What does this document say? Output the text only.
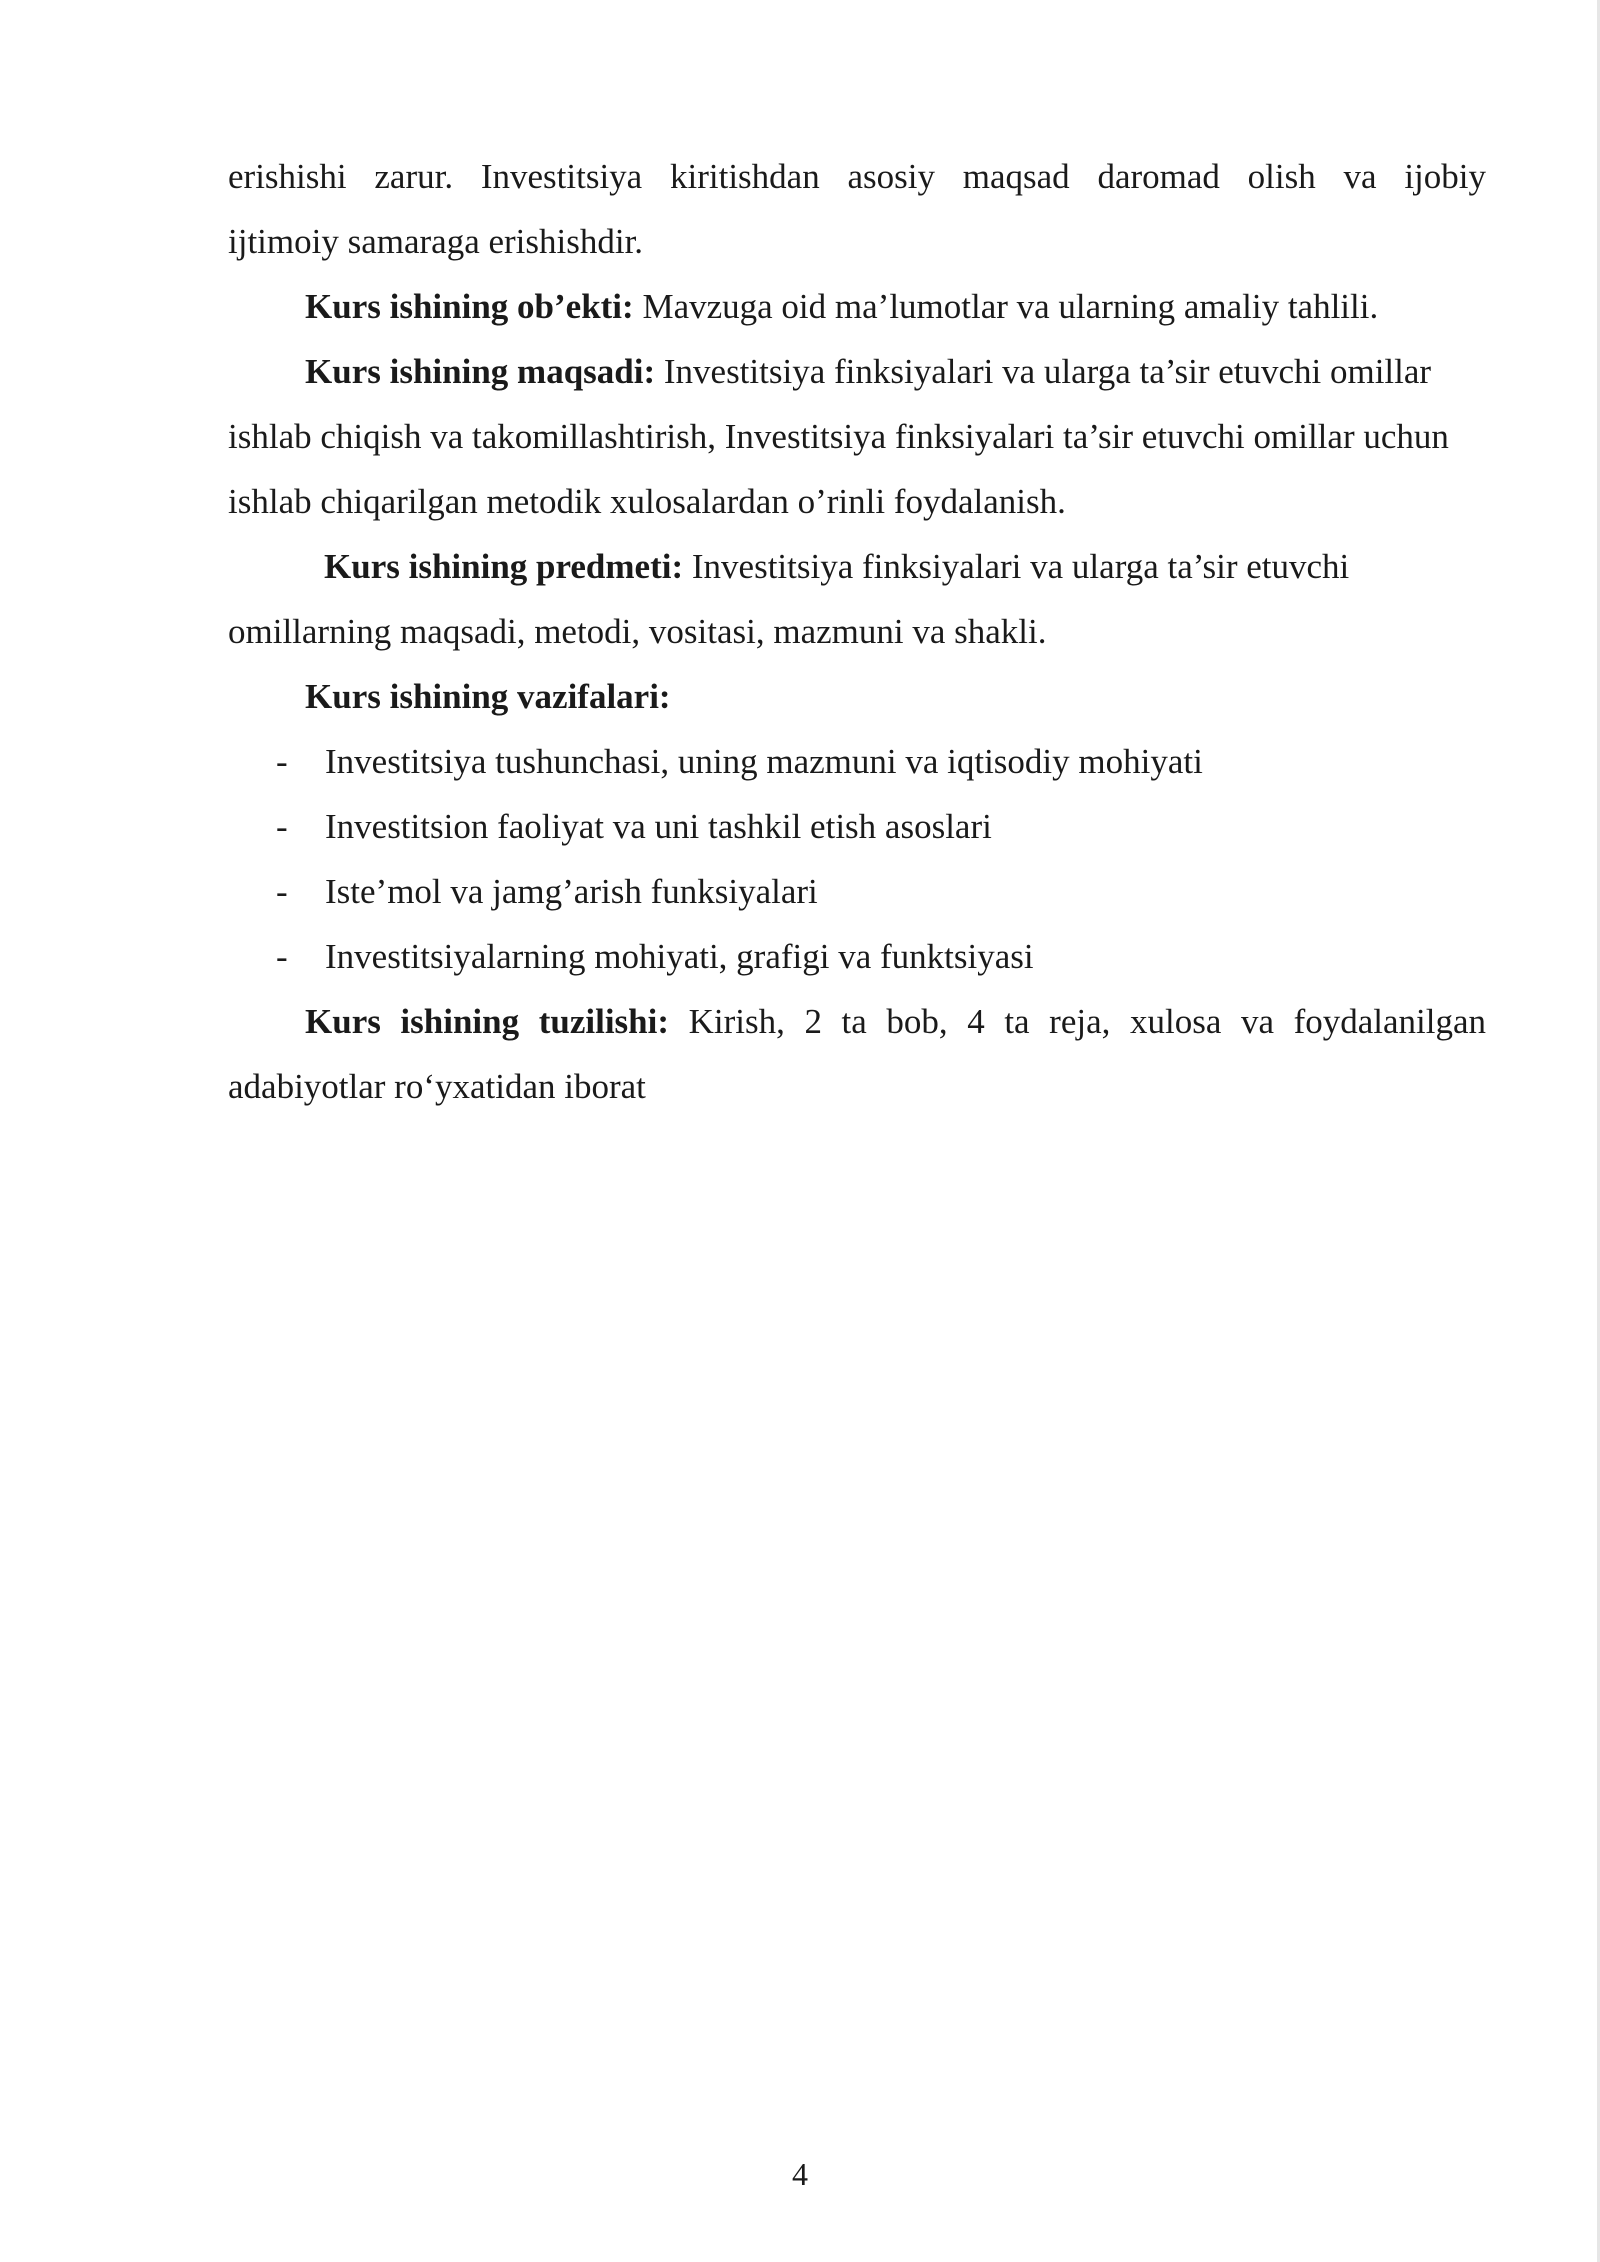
erishishi zarur. Investitsiya kiritishdan asosiy maqsad daromad olish va ijobiy
ijtimoiy samaraga erishishdir.

Kurs ishining ob’ekti: Mavzuga oid ma’lumotlar va ularning amaliy tahlili.

Kurs ishining maqsadi: Investitsiya finksiyalari va ularga ta’sir etuvchi omillar ishlab chiqish va takomillashtirish, Investitsiya finksiyalari ta’sir etuvchi omillar uchun ishlab chiqarilgan metodik xulosalardan o’rinli foydalanish.

Kurs ishining predmeti: Investitsiya finksiyalari va ularga ta’sir etuvchi omillarning maqsadi, metodi, vositasi, mazmuni va shakli.

Kurs ishining vazifalari:

- Investitsiya tushunchasi, uning mazmuni va iqtisodiy mohiyati
- Investitsion faoliyat va uni tashkil etish asoslari
- Iste’mol va jamg’arish funksiyalari
- Investitsiyalarning mohiyati, grafigi va funktsiyasi

Kurs ishining tuzilishi: Kirish, 2 ta bob, 4 ta reja, xulosa va foydalanilgan adabiyotlar ro‘yxatidan iborat

4
